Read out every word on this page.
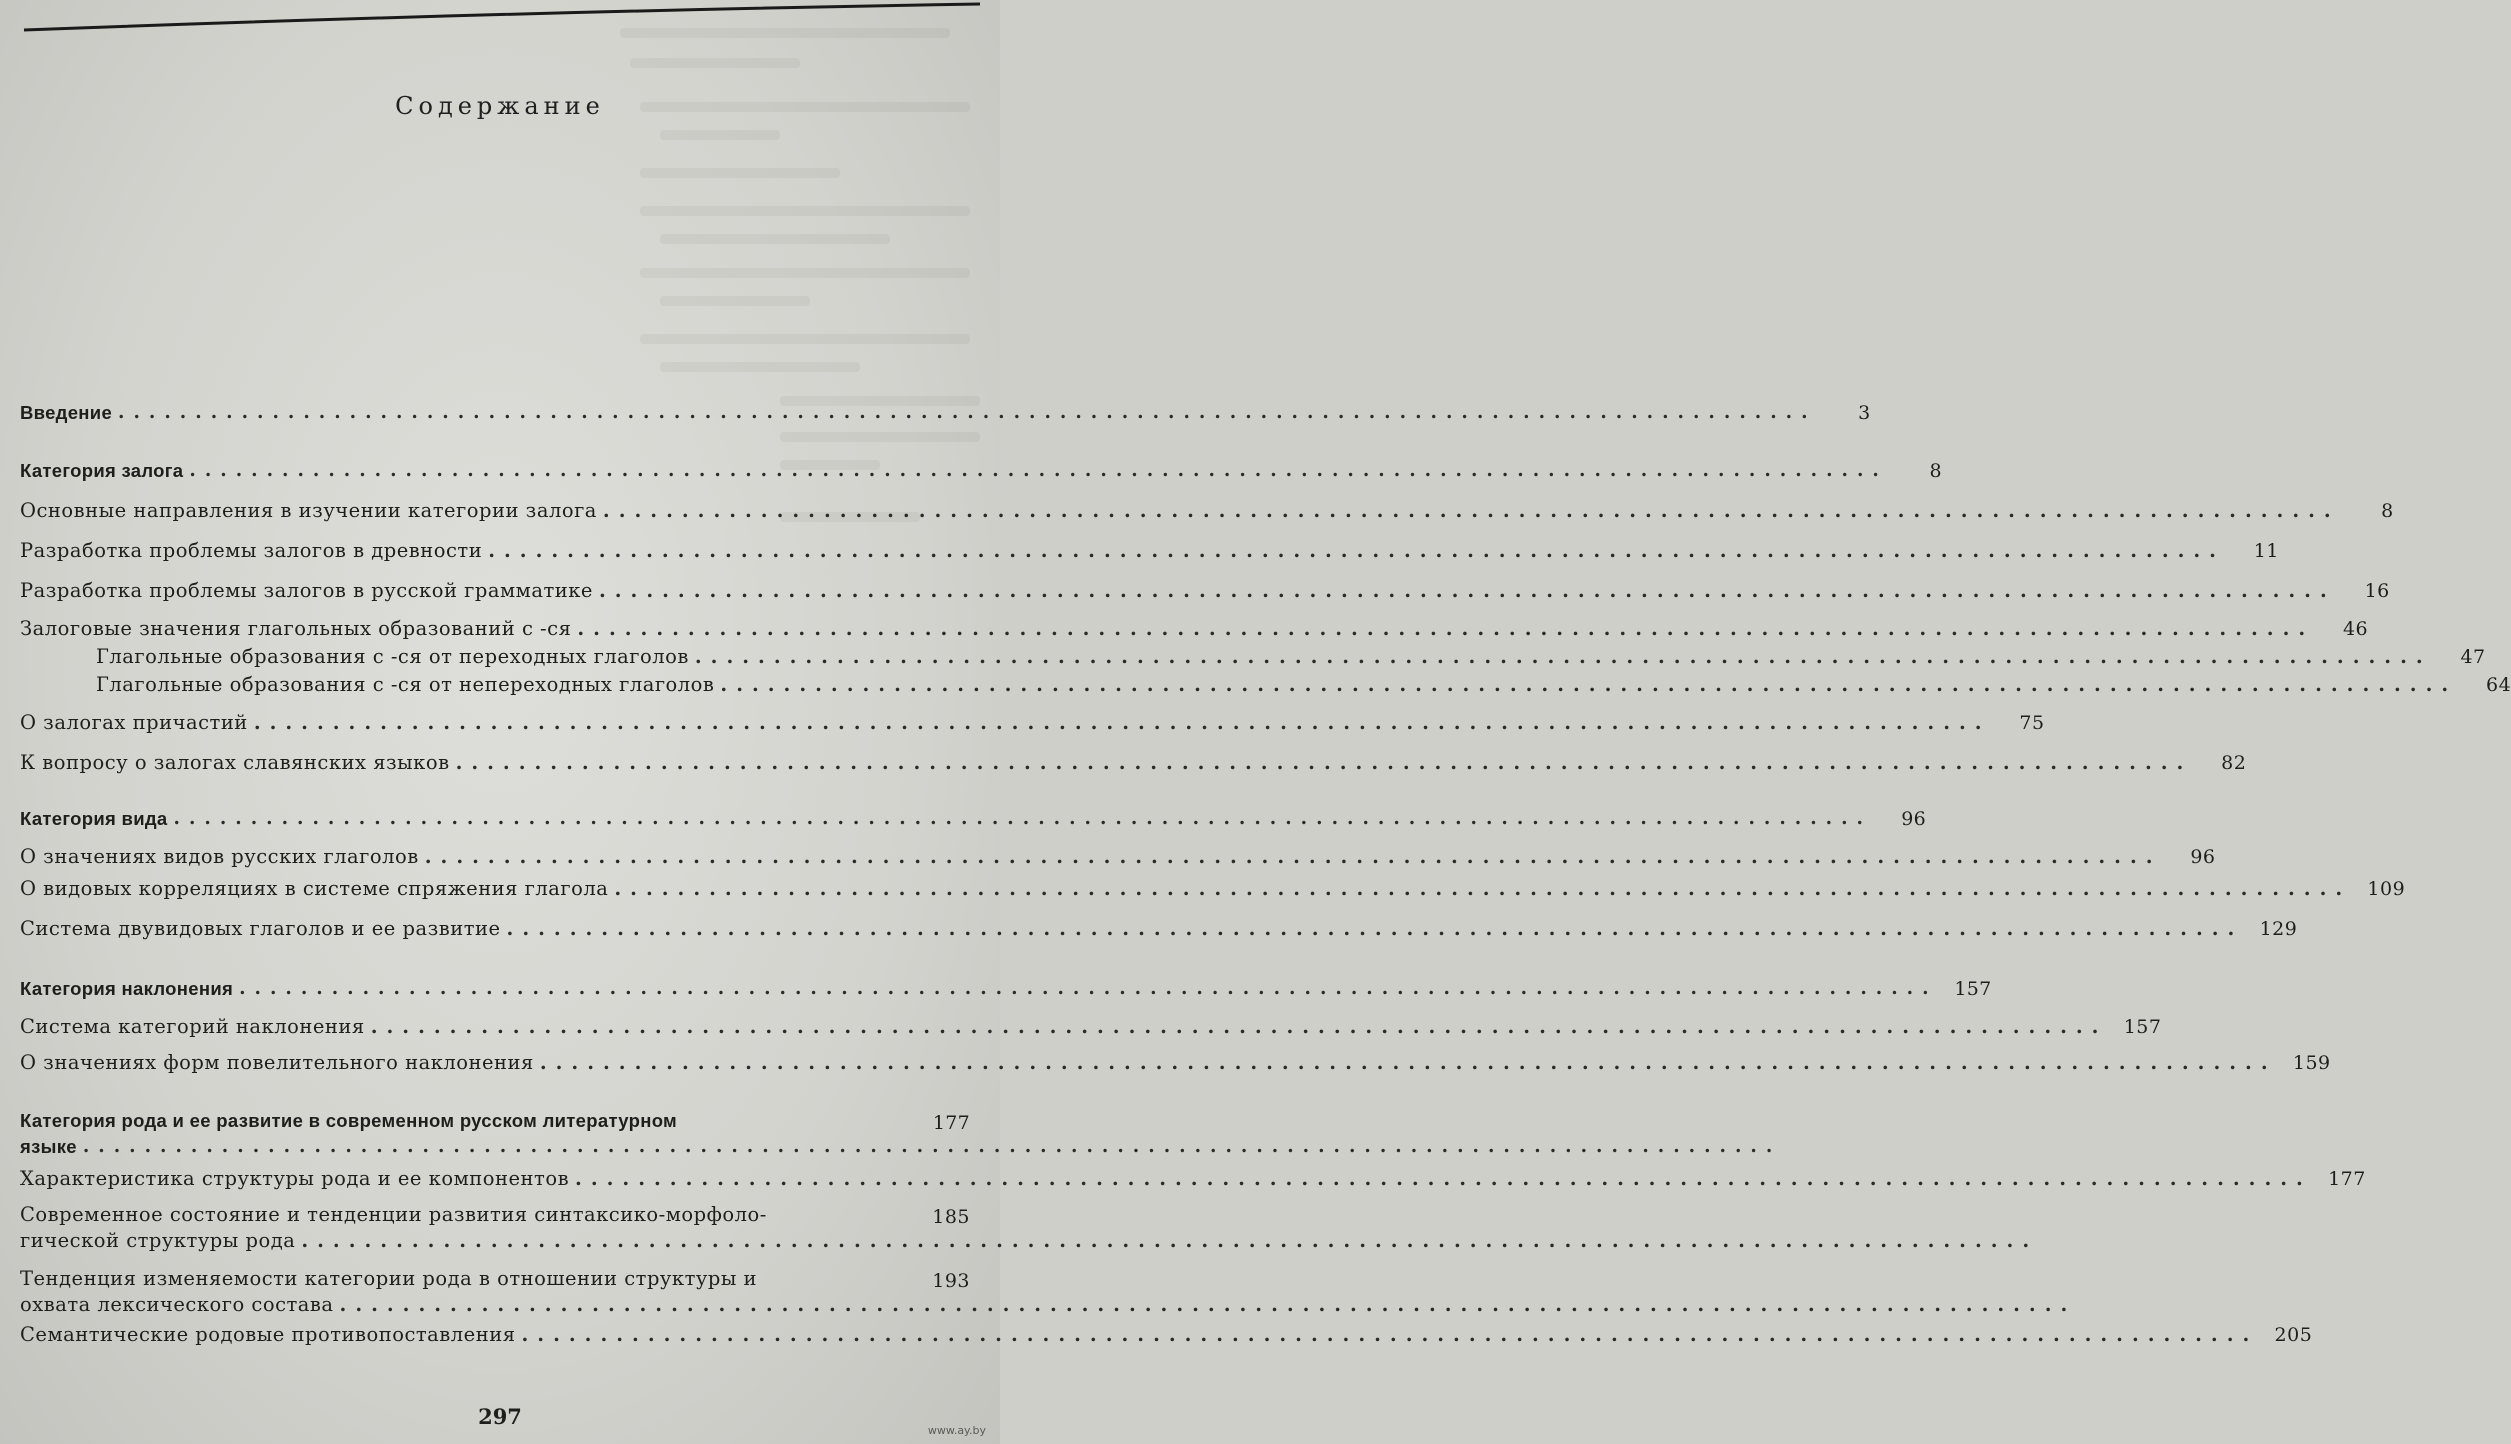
Содержание
Введение ..............................................................................................................	3
Категория залога ..............................................................................................................	8
Основные направления в изучении категории залога ..............................................................................................................	8
Разработка проблемы залогов в древности ..............................................................................................................	11
Разработка проблемы залогов в русской грамматике ..............................................................................................................	16
Залоговые значения глагольных образований с -ся ..............................................................................................................	46
Глагольные образования с -ся от переходных глаголов ..............................................................................................................	47
Глагольные образования с -ся от непереходных глаголов ..............................................................................................................	64
О залогах причастий ..............................................................................................................	75
К вопросу о залогах славянских языков ..............................................................................................................	82
Категория вида ..............................................................................................................	96
О значениях видов русских глаголов ..............................................................................................................	96
О видовых корреляциях в системе спряжения глагола .............................................................................................................. 109
Система двувидовых глаголов и ее развитие .............................................................................................................. 129
Категория наклонения .............................................................................................................. 157
Система категорий наклонения .............................................................................................................. 157
О значениях форм повелительного наклонения .............................................................................................................. 159
Категория рода и ее развитие в современном русском литературном	177
языке ..............................................................................................................
Характеристика структуры рода и ее компонентов .............................................................................................................. 177
Современное состояние и тенденции развития синтаксико-морфоло-	185
гической структуры рода ..............................................................................................................
Тенденция изменяемости категории рода в отношении структуры и	193
охвата лексического состава ..............................................................................................................
Семантические родовые противопоставления .............................................................................................................. 205
297
www.ay.by
